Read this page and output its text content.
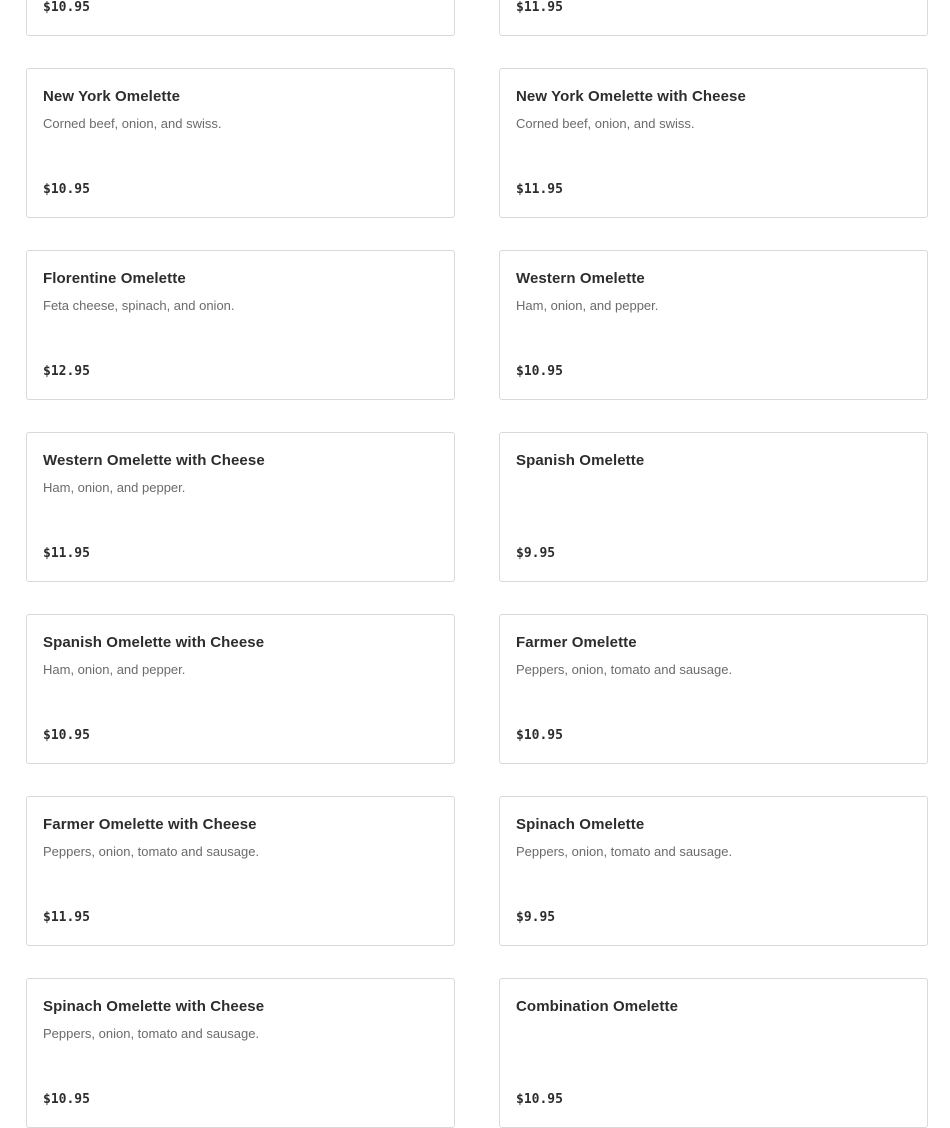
$10.95	$11.95
New York Omelette
Corned beef, onion, and swiss.
$10.95
New York Omelette with Cheese
Corned beef, onion, and swiss.
$11.95
Florentine Omelette
Feta cheese, spinach, and onion.
$12.95
Western Omelette
Ham, onion, and pepper.
$10.95
Western Omelette with Cheese
Ham, onion, and pepper.
$11.95
Spanish Omelette
$9.95
Spanish Omelette with Cheese
Ham, onion, and pepper.
$10.95
Farmer Omelette
Peppers, onion, tomato and sausage.
$10.95
Farmer Omelette with Cheese
Peppers, onion, tomato and sausage.
$11.95
Spinach Omelette
Peppers, onion, tomato and sausage.
$9.95
Spinach Omelette with Cheese
Peppers, onion, tomato and sausage.
$10.95
Combination Omelette
$10.95
